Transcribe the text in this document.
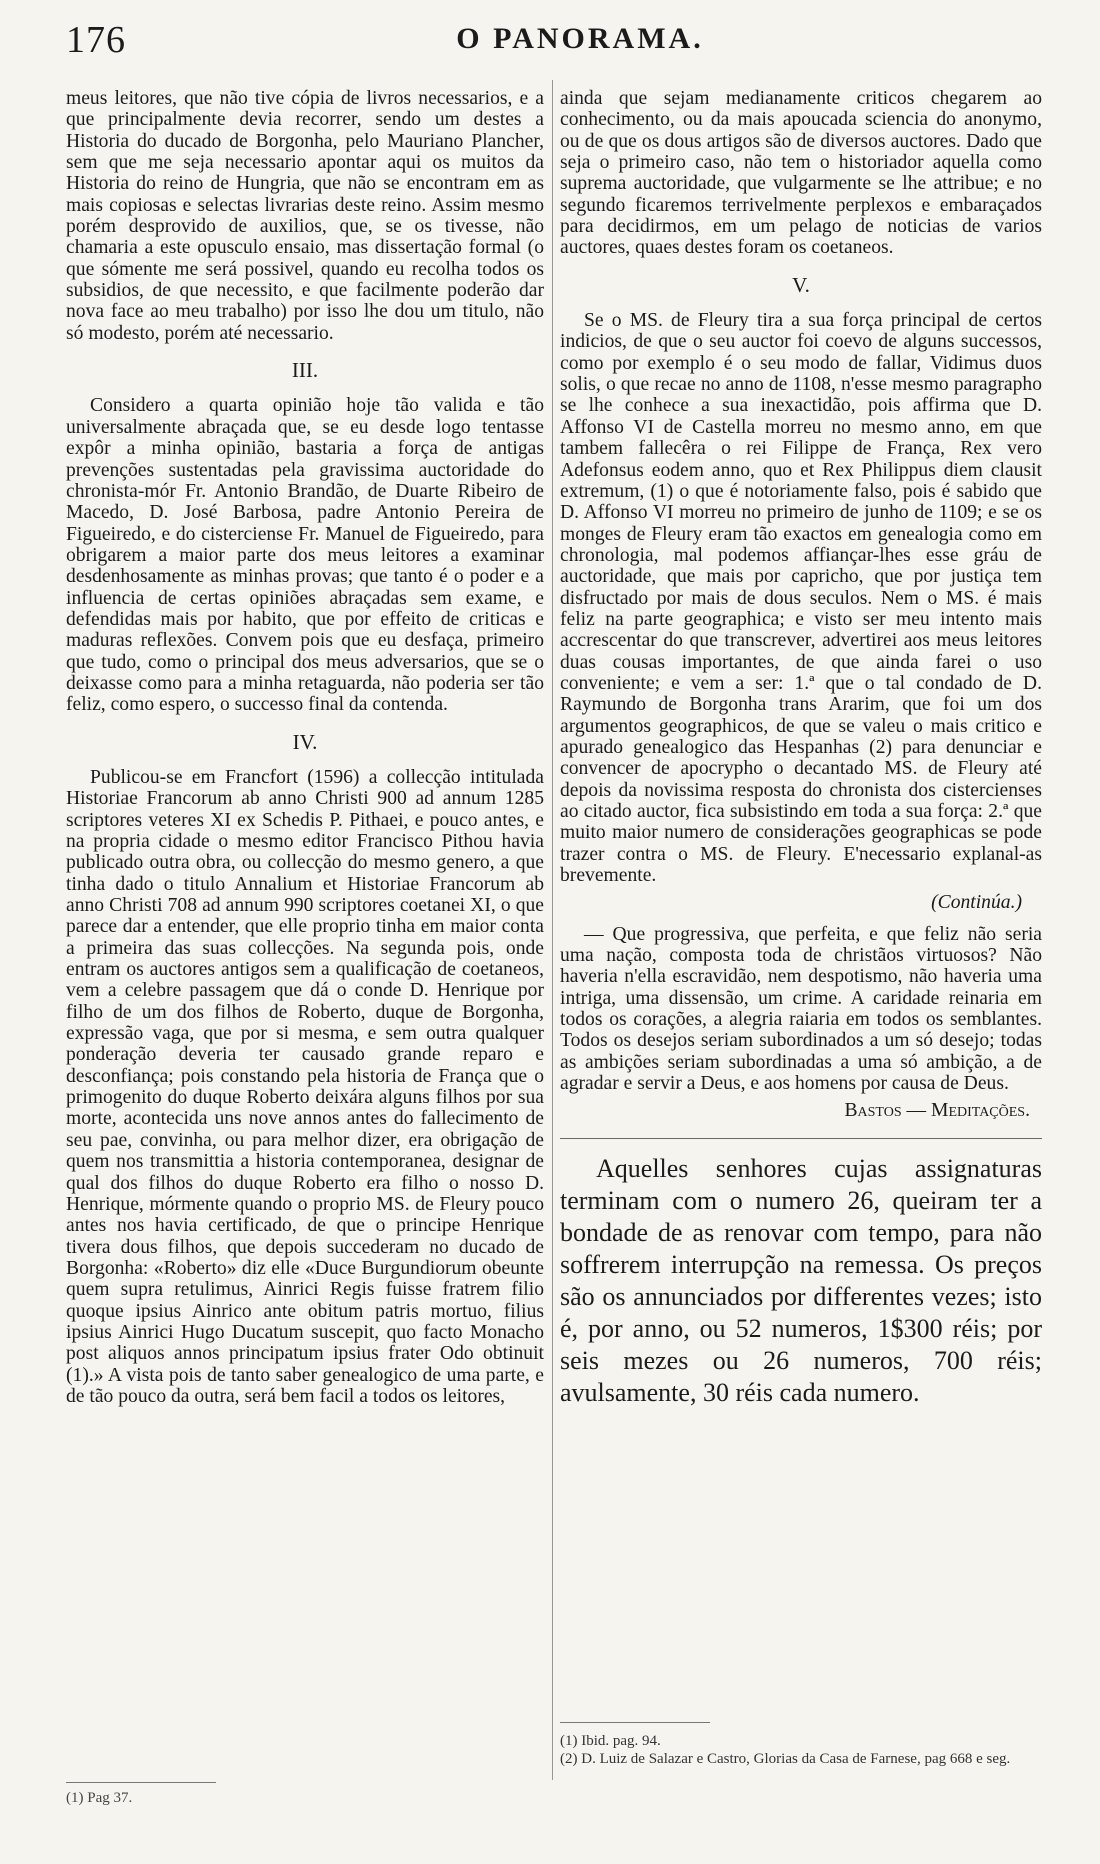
176	O PANORAMA.

meus leitores, que não tive cópia de livros necessarios, e a que principalmente devia recorrer, sendo um destes a Historia do ducado de Borgonha, pelo Mauriano Plancher, sem que me seja necessario apontar aqui os muitos da Historia do reino de Hungria, que não se encontram em as mais copiosas e selectas livrarias deste reino. Assim mesmo porém desprovido de auxilios, que, se os tivesse, não chamaria a este opusculo ensaio, mas dissertação formal (o que sómente me será possivel, quando eu recolha todos os subsidios, de que necessito, e que facilmente poderão dar nova face ao meu trabalho) por isso lhe dou um titulo, não só modesto, porém até necessario.

III.

Considero a quarta opinião hoje tão valida e tão universalmente abraçada que, se eu desde logo tentasse expôr a minha opinião, bastaria a força de antigas prevenções sustentadas pela gravissima auctoridade do chronista-mór Fr. Antonio Brandão, de Duarte Ribeiro de Macedo, D. José Barbosa, padre Antonio Pereira de Figueiredo, e do cisterciense Fr. Manuel de Figueiredo, para obrigarem a maior parte dos meus leitores a examinar desdenhosamente as minhas provas; que tanto é o poder e a influencia de certas opiniões abraçadas sem exame, e defendidas mais por habito, que por effeito de criticas e maduras reflexões. Convem pois que eu desfaça, primeiro que tudo, como o principal dos meus adversarios, que se o deixasse como para a minha retaguarda, não poderia ser tão feliz, como espero, o successo final da contenda.

IV.

Publicou-se em Francfort (1596) a collecção intitulada Historiae Francorum ab anno Christi 900 ad annum 1285 scriptores veteres XI ex Schedis P. Pithaei, e pouco antes, e na propria cidade o mesmo editor Francisco Pithou havia publicado outra obra, ou collecção do mesmo genero, a que tinha dado o titulo Annalium et Historiae Francorum ab anno Christi 708 ad annum 990 scriptores coetanei XI, o que parece dar a entender, que elle proprio tinha em maior conta a primeira das suas collecções. Na segunda pois, onde entram os auctores antigos sem a qualificação de coetaneos, vem a celebre passagem que dá o conde D. Henrique por filho de um dos filhos de Roberto, duque de Borgonha, expressão vaga, que por si mesma, e sem outra qualquer ponderação deveria ter causado grande reparo e desconfiança; pois constando pela historia de França que o primogenito do duque Roberto deixára alguns filhos por sua morte, acontecida uns nove annos antes do fallecimento de seu pae, convinha, ou para melhor dizer, era obrigação de quem nos transmittia a historia contemporanea, designar de qual dos filhos do duque Roberto era filho o nosso D. Henrique, mórmente quando o proprio MS. de Fleury pouco antes nos havia certificado, de que o principe Henrique tivera dous filhos, que depois succederam no ducado de Borgonha: «Roberto» diz elle «Duce Burgundiorum obeunte quem supra retulimus, Ainrici Regis fuisse fratrem filio quoque ipsius Ainrico ante obitum patris mortuo, filius ipsius Ainrici Hugo Ducatum suscepit, quo facto Monacho post aliquos annos principatum ipsius frater Odo obtinuit (1).» A vista pois de tanto saber genealogico de uma parte, e de tão pouco da outra, será bem facil a todos os leitores,

ainda que sejam medianamente criticos chegarem ao conhecimento, ou da mais apoucada sciencia do anonymo, ou de que os dous artigos são de diversos auctores. Dado que seja o primeiro caso, não tem o historiador aquella como suprema auctoridade, que vulgarmente se lhe attribue; e no segundo ficaremos terrivelmente perplexos e embaraçados para decidirmos, em um pelago de noticias de varios auctores, quaes destes foram os coetaneos.

V.

Se o MS. de Fleury tira a sua força principal de certos indicios, de que o seu auctor foi coevo de alguns successos, como por exemplo é o seu modo de fallar, Vidimus duos solis, o que recae no anno de 1108, n'esse mesmo paragrapho se lhe conhece a sua inexactidão, pois affirma que D. Affonso VI de Castella morreu no mesmo anno, em que tambem fallecêra o rei Filippe de França, Rex vero Adefonsus eodem anno, quo et Rex Philippus diem clausit extremum, (1) o que é notoriamente falso, pois é sabido que D. Affonso VI morreu no primeiro de junho de 1109; e se os monges de Fleury eram tão exactos em genealogia como em chronologia, mal podemos affiançar-lhes esse gráu de auctoridade, que mais por capricho, que por justiça tem disfructado por mais de dous seculos. Nem o MS. é mais feliz na parte geographica; e visto ser meu intento mais accrescentar do que transcrever, advertirei aos meus leitores duas cousas importantes, de que ainda farei o uso conveniente; e vem a ser: 1.ª que o tal condado de D. Raymundo de Borgonha trans Ararim, que foi um dos argumentos geographicos, de que se valeu o mais critico e apurado genealogico das Hespanhas (2) para denunciar e convencer de apocrypho o decantado MS. de Fleury até depois da novissima resposta do chronista dos cistercienses ao citado auctor, fica subsistindo em toda a sua força: 2.ª que muito maior numero de considerações geographicas se pode trazer contra o MS. de Fleury. E'necessario explanal-as brevemente.

(Continúa.)

— Que progressiva, que perfeita, e que feliz não seria uma nação, composta toda de christãos virtuosos? Não haveria n'ella escravidão, nem despotismo, não haveria uma intriga, uma dissensão, um crime. A caridade reinaria em todos os corações, a alegria raiaria em todos os semblantes. Todos os desejos seriam subordinados a um só desejo; todas as ambições seriam subordinadas a uma só ambição, a de agradar e servir a Deus, e aos homens por causa de Deus.

Bastos — Meditações.

Aquelles senhores cujas assignaturas terminam com o numero 26, queiram ter a bondade de as renovar com tempo, para não soffrerem interrupção na remessa. Os preços são os annunciados por differentes vezes; isto é, por anno, ou 52 numeros, 1$300 réis; por seis mezes ou 26 numeros, 700 réis; avulsamente, 30 réis cada numero.

(1) Ibid. pag. 94.
(2) D. Luiz de Salazar e Castro, Glorias da Casa de Farnese, pag 668 e seg.
(1) Pag 37.
